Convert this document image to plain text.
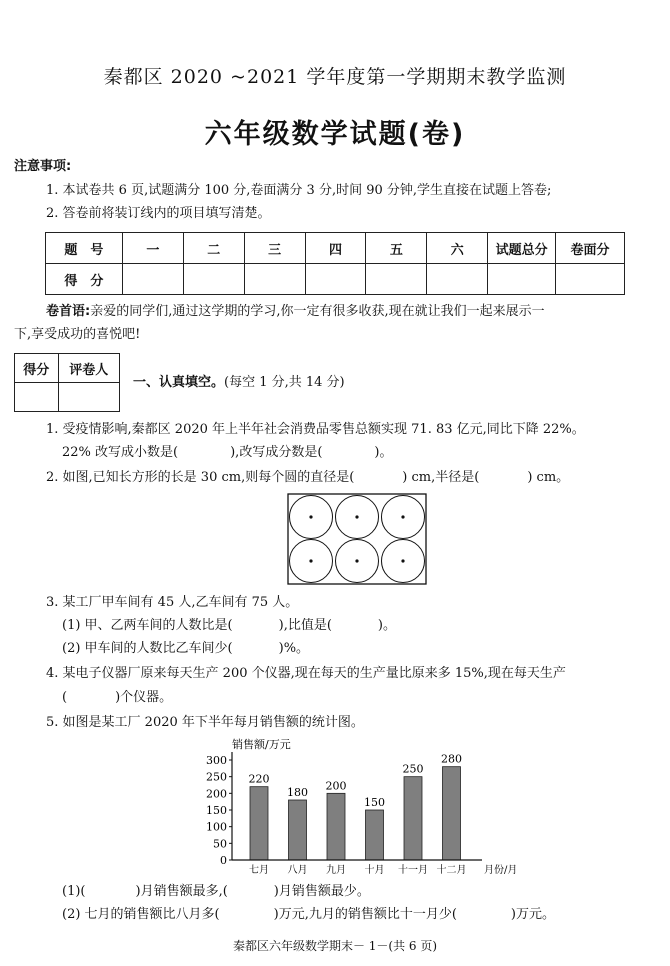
秦都区 2020 ~2021 学年度第一学期期末教学监测
六年级数学试题(卷)
注意事项:
1. 本试卷共 6 页,试题满分 100 分,卷面满分 3 分,时间 90 分钟,学生直接在试题上答卷;
2. 答卷前将装订线内的项目填写清楚。
题　号	一	二	三	四	五	六	试题总分	卷面分
得　分								
卷首语:亲爱的同学们,通过这学期的学习,你一定有很多收获,现在就让我们一起来展示一
下,享受成功的喜悦吧!
得分	评卷人

一、认真填空。(每空 1 分,共 14 分)
1. 受疫情影响,秦都区 2020 年上半年社会消费品零售总额实现 71. 83 亿元,同比下降 22%。
22% 改写成小数是(	),改写成分数是(	)。
2. 如图,已知长方形的长是 30 cm,则每个圆的直径是(	) cm,半径是(	) cm。
3. 某工厂甲车间有 45 人,乙车间有 75 人。
(1) 甲、乙两车间的人数比是(	),比值是(	)。
(2) 甲车间的人数比乙车间少(	)%。
4. 某电子仪器厂原来每天生产 200 个仪器,现在每天的生产量比原来多 15%,现在每天生产
(	)个仪器。
5. 如图是某工厂 2020 年下半年每月销售额的统计图。
销售额/万元
0
50
100
150
200
250
300
220
180
200
150
250
280
七月 八月 九月 十月 十一月 十二月 月份/月
(1)(	)月销售额最多,(	)月销售额最少。
(2) 七月的销售额比八月多(	)万元,九月的销售额比十一月少(	)万元。
秦都区六年级数学期末－ 1－(共 6 页)
